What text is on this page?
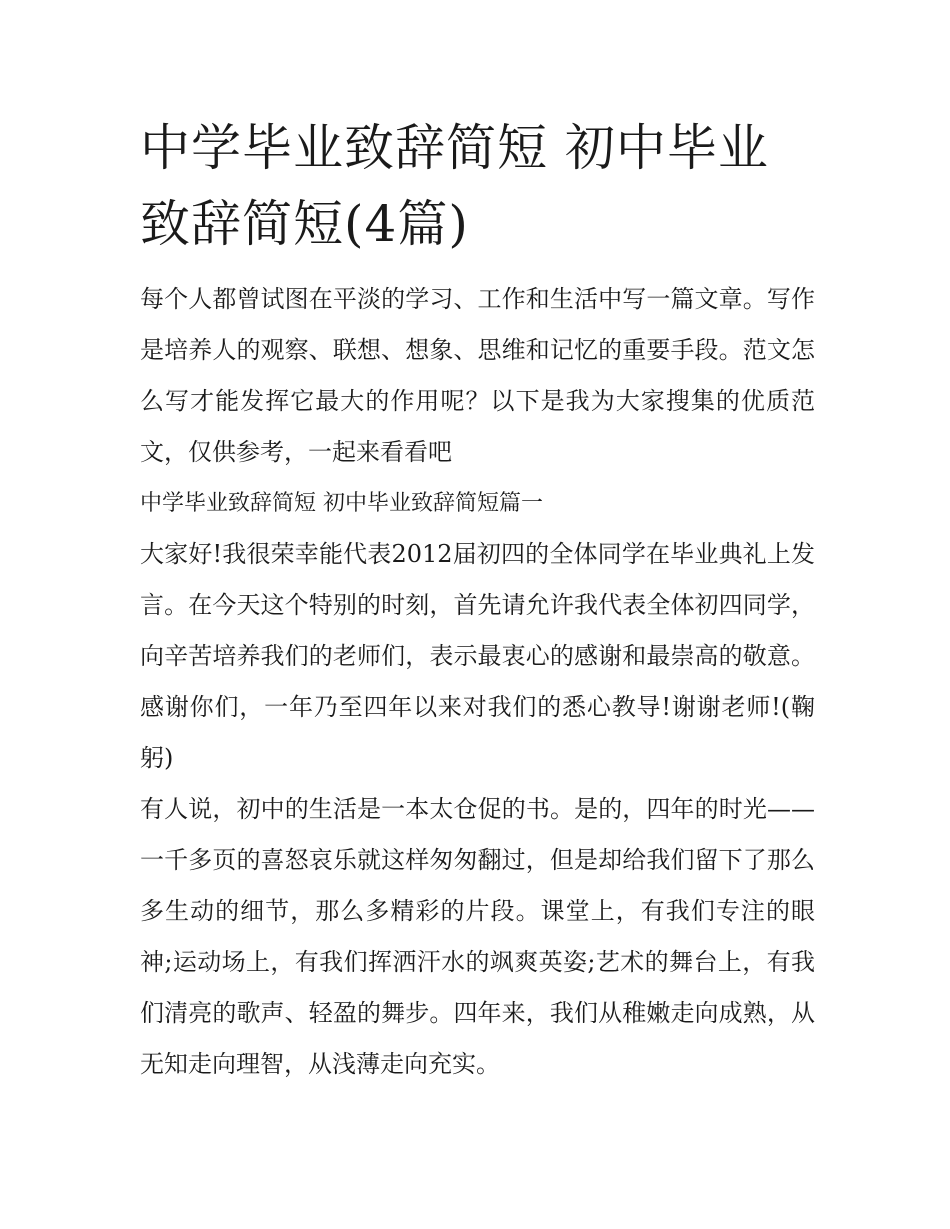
中学毕业致辞简短 初中毕业致辞简短(4篇)

每个人都曾试图在平淡的学习、工作和生活中写一篇文章。写作是培养人的观察、联想、想象、思维和记忆的重要手段。范文怎么写才能发挥它最大的作用呢？以下是我为大家搜集的优质范文，仅供参考，一起来看看吧

中学毕业致辞简短 初中毕业致辞简短篇一

大家好!我很荣幸能代表2012届初四的全体同学在毕业典礼上发言。在今天这个特别的时刻，首先请允许我代表全体初四同学，向辛苦培养我们的老师们，表示最衷心的感谢和最崇高的敬意。感谢你们，一年乃至四年以来对我们的悉心教导!谢谢老师!(鞠躬)

有人说，初中的生活是一本太仓促的书。是的，四年的时光——一千多页的喜怒哀乐就这样匆匆翻过，但是却给我们留下了那么多生动的细节，那么多精彩的片段。课堂上，有我们专注的眼神;运动场上，有我们挥洒汗水的飒爽英姿;艺术的舞台上，有我们清亮的歌声、轻盈的舞步。四年来，我们从稚嫩走向成熟，从无知走向理智，从浅薄走向充实。
